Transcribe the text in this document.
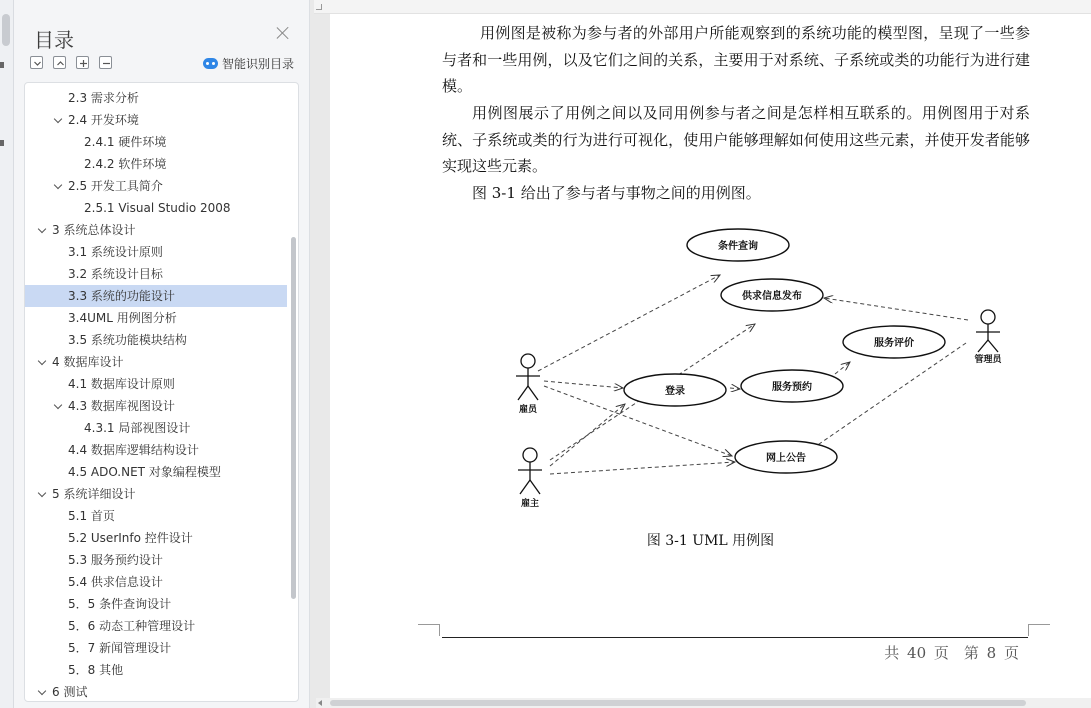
目录
智能识别目录
2.3 需求分析
2.4 开发环境
2.4.1 硬件环境
2.4.2 软件环境
2.5 开发工具简介
2.5.1 Visual Studio 2008
3 系统总体设计
3.1 系统设计原则
3.2 系统设计目标
3.3 系统的功能设计
3.4UML 用例图分析
3.5 系统功能模块结构
4 数据库设计
4.1 数据库设计原则
4.3 数据库视图设计
4.3.1 局部视图设计
4.4 数据库逻辑结构设计
4.5 ADO.NET 对象编程模型
5 系统详细设计
5.1 首页
5.2 UserInfo 控件设计
5.3 服务预约设计
5.4 供求信息设计
5．5 条件查询设计
5．6 动态工种管理设计
5．7 新闻管理设计
5．8 其他
6 测试

用例图是被称为参与者的外部用户所能观察到的系统功能的模型图，呈现了一些参与者和一些用例，以及它们之间的关系，主要用于对系统、子系统或类的功能行为进行建模。

用例图展示了用例之间以及同用例参与者之间是怎样相互联系的。用例图用于对系统、子系统或类的行为进行可视化，使用户能够理解如何使用这些元素，并使开发者能够实现这些元素。

图 3-1 给出了参与者与事物之间的用例图。

条件查询
供求信息发布
服务评价
登录	服务预约
网上公告
雇员
雇主
管理员
图 3-1 UML 用例图
共 40 页　第 8 页
